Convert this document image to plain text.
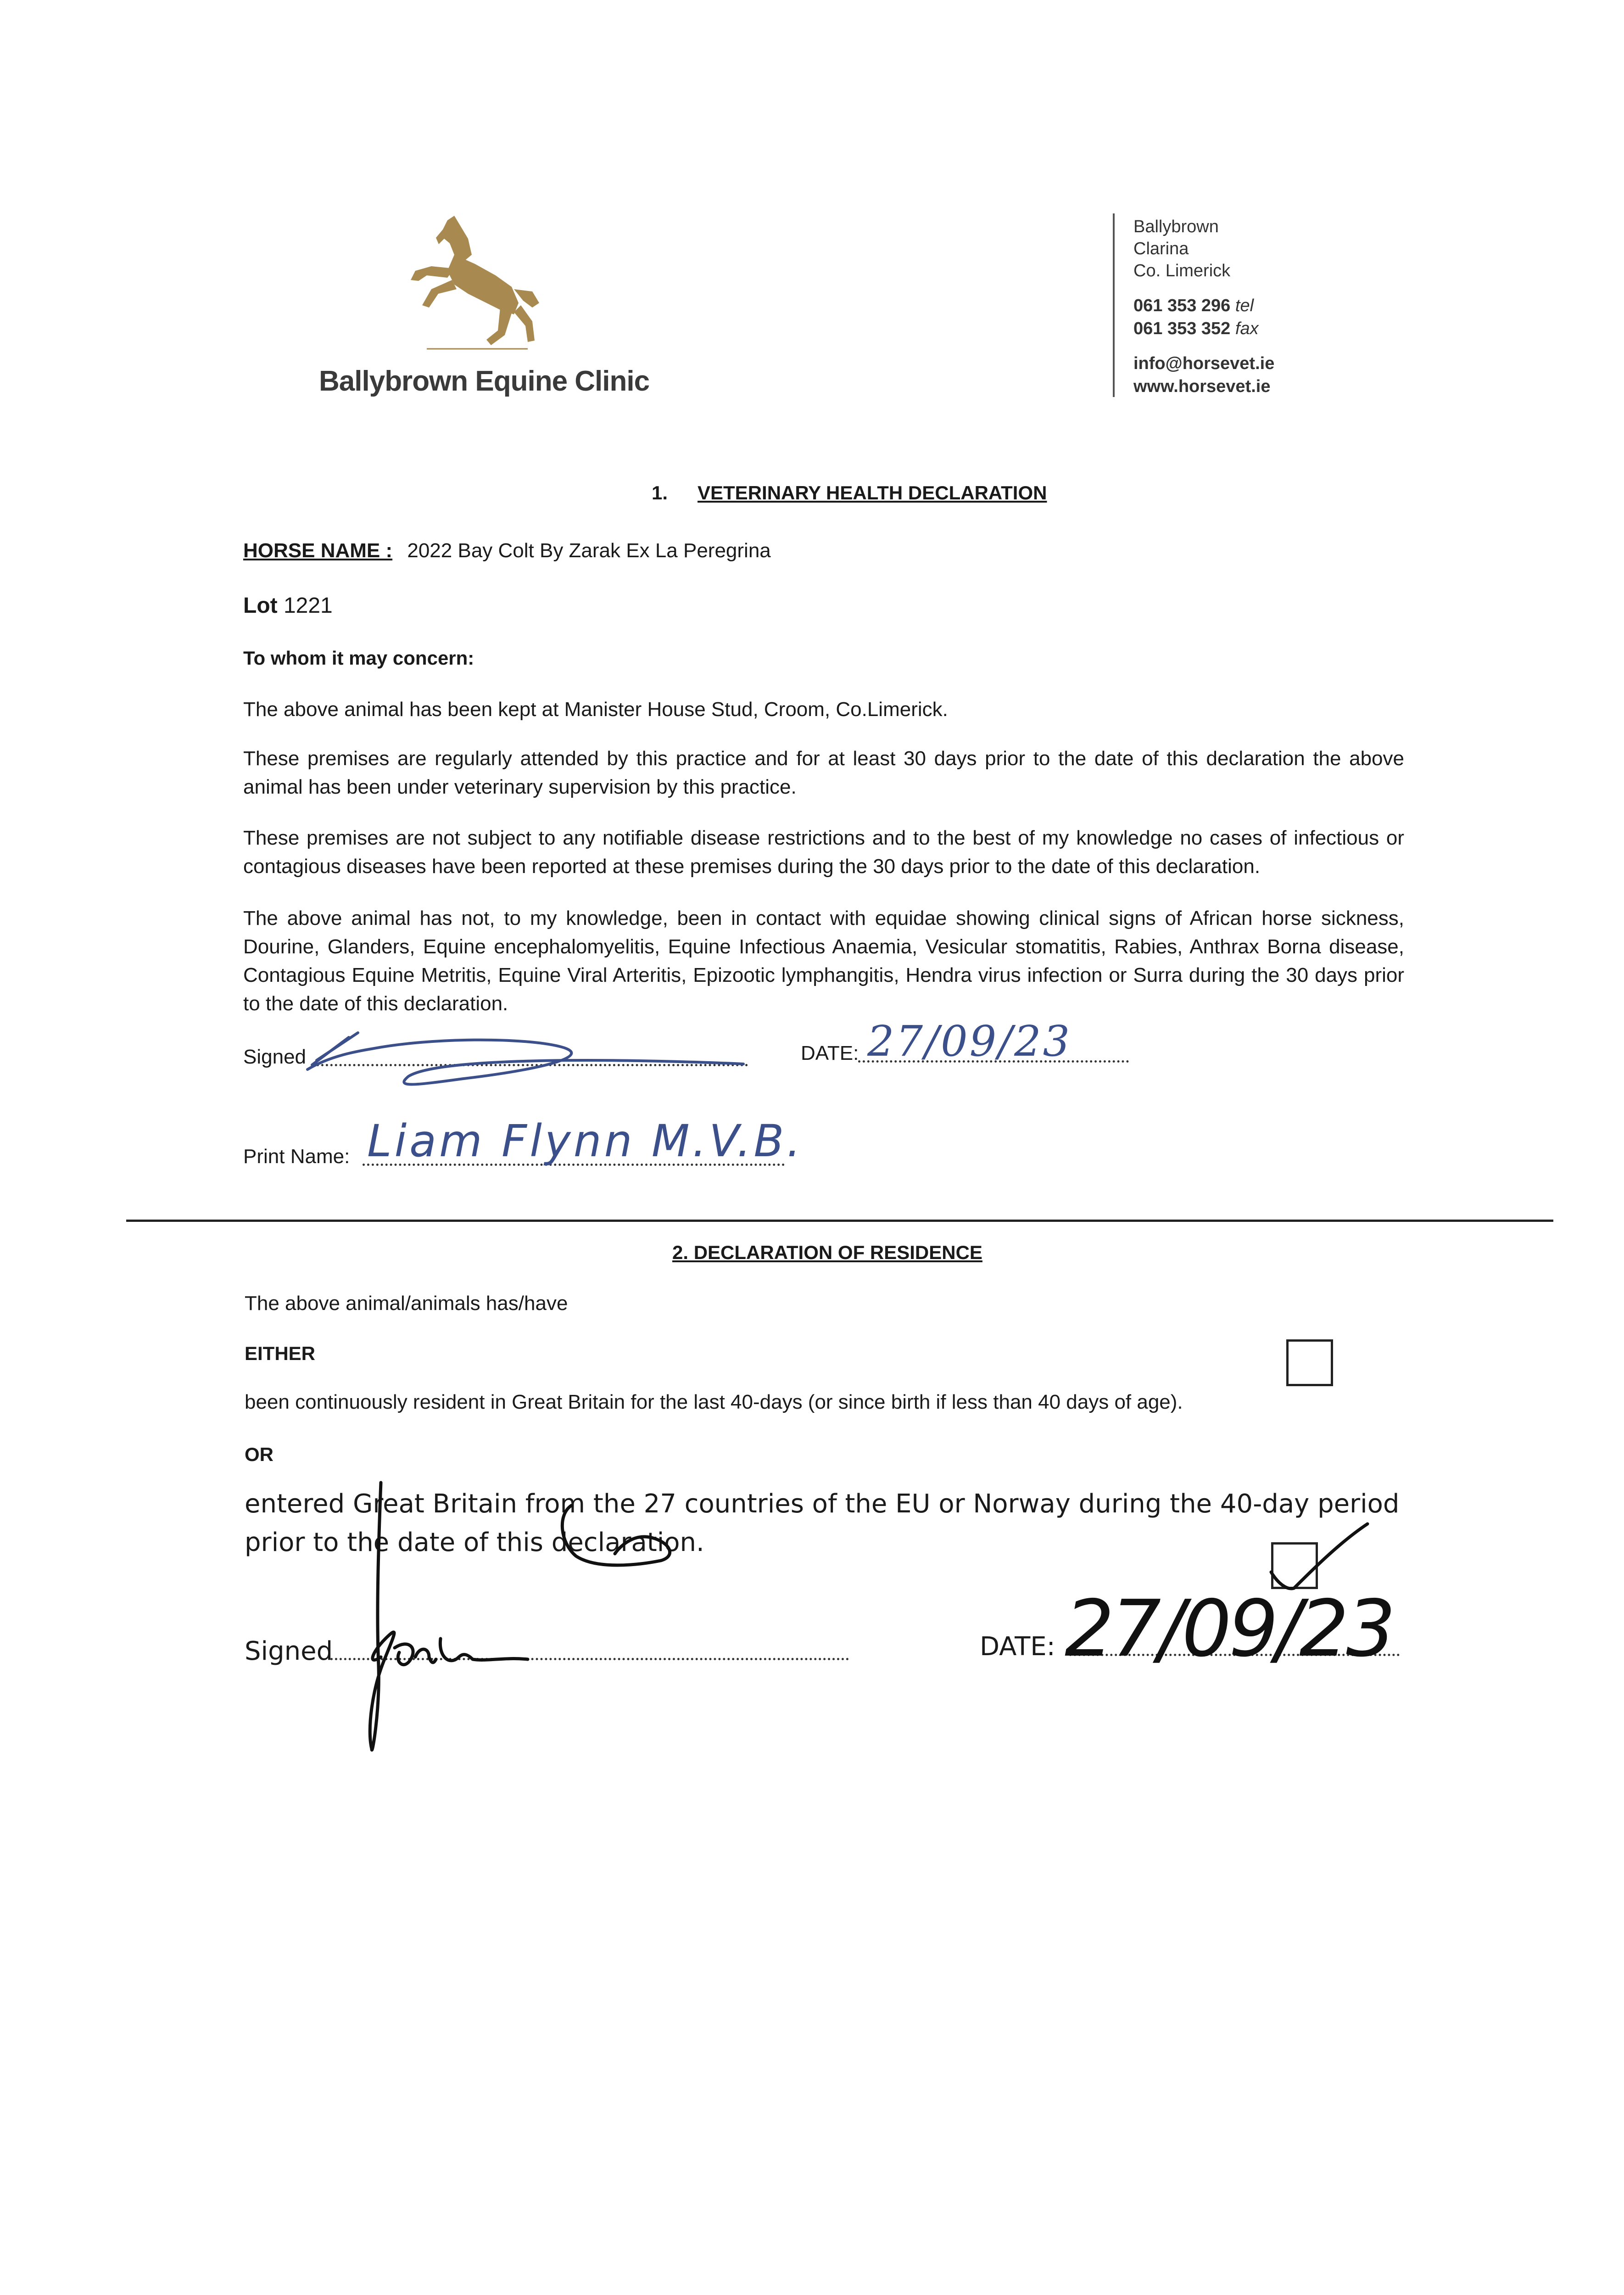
Ballybrown Equine Clinic
Ballybrown
Clarina
Co. Limerick
061 353 296 tel
061 353 352 fax
info@horsevet.ie
www.horsevet.ie
1. VETERINARY HEALTH DECLARATION
HORSE NAME : 2022 Bay Colt By Zarak Ex La Peregrina
Lot 1221
To whom it may concern:
The above animal has been kept at Manister House Stud, Croom, Co.Limerick.
These premises are regularly attended by this practice and for at least 30 days prior to the date of this declaration the above animal has been under veterinary supervision by this practice.
These premises are not subject to any notifiable disease restrictions and to the best of my knowledge no cases of infectious or contagious diseases have been reported at these premises during the 30 days prior to the date of this declaration.
The above animal has not, to my knowledge, been in contact with equidae showing clinical signs of African horse sickness, Dourine, Glanders, Equine encephalomyelitis, Equine Infectious Anaemia, Vesicular stomatitis, Rabies, Anthrax Borna disease, Contagious Equine Metritis, Equine Viral Arteritis, Epizootic lymphangitis, Hendra virus infection or Surra during the 30 days prior to the date of this declaration.
Signed	DATE: 27/09/23
Print Name: Liam Flynn M.V.B.
2. DECLARATION OF RESIDENCE
The above animal/animals has/have
EITHER
been continuously resident in Great Britain for the last 40-days (or since birth if less than 40 days of age).
OR
entered Great Britain from the 27 countries of the EU or Norway during the 40-day period prior to the date of this declaration.
Signed	DATE: 27/09/23
